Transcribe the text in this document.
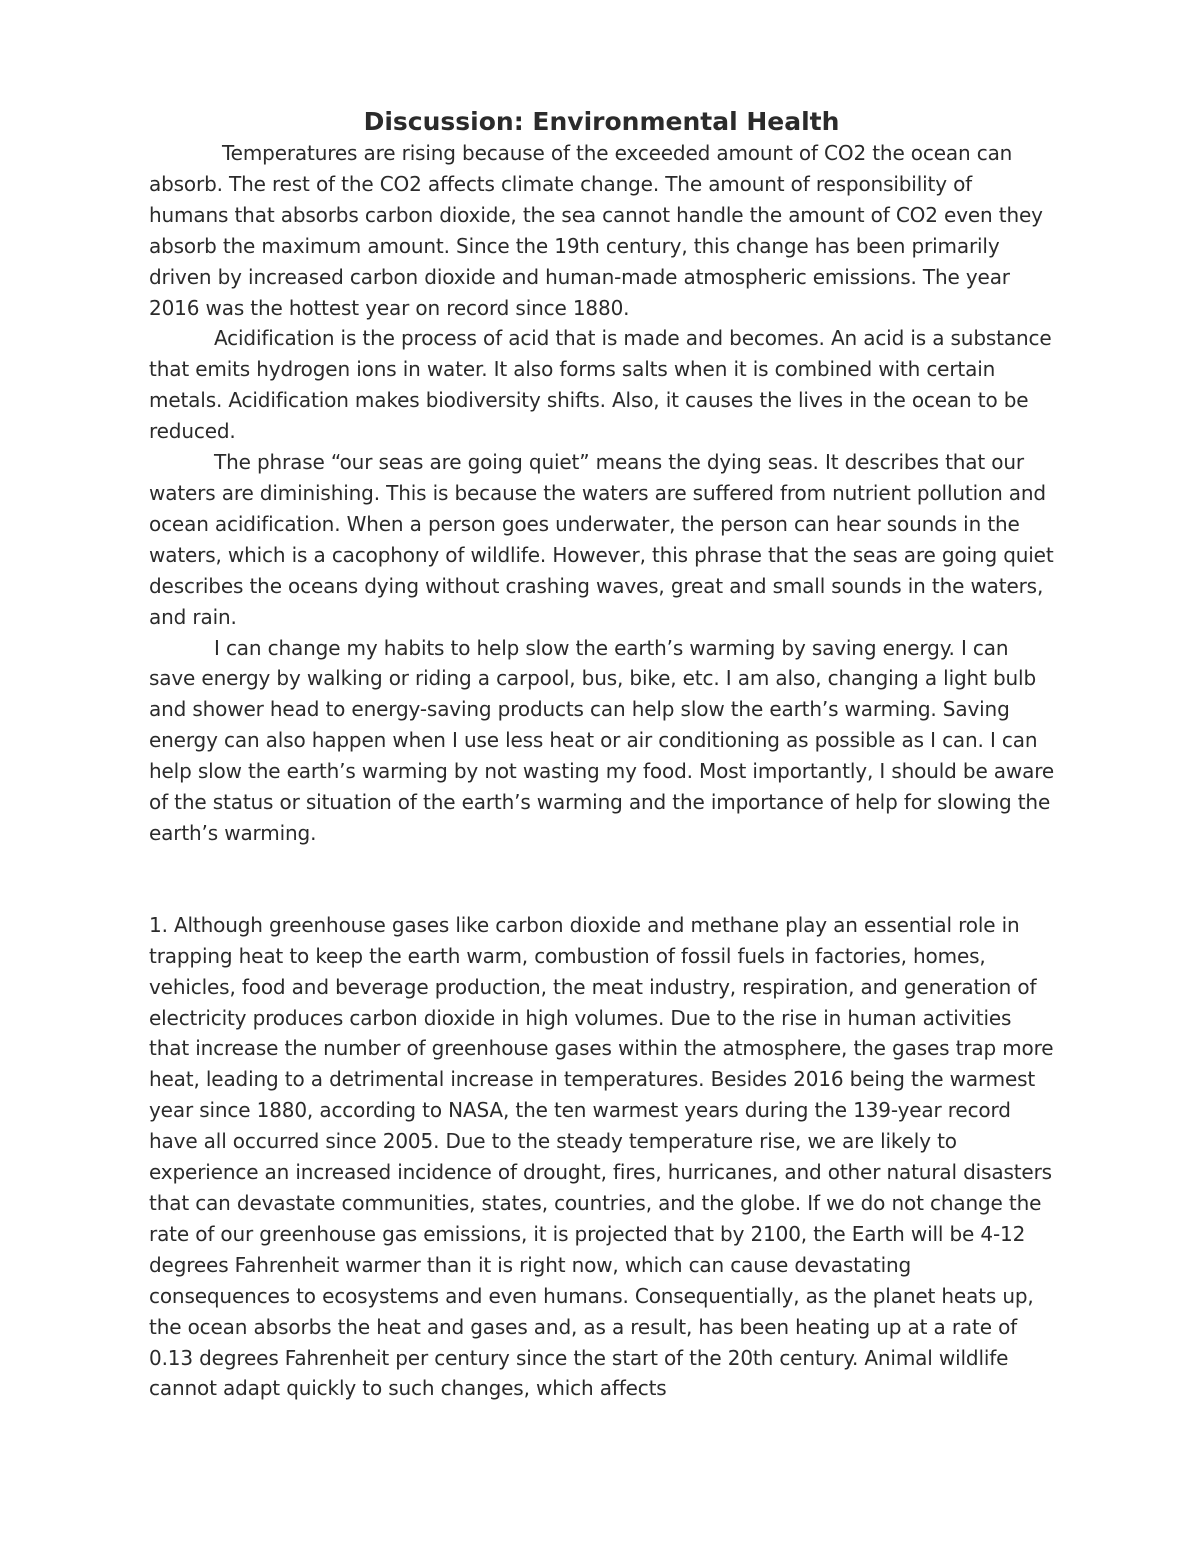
Discussion: Environmental Health

Temperatures are rising because of the exceeded amount of CO2 the ocean can absorb. The rest of the CO2 affects climate change. The amount of responsibility of humans that absorbs carbon dioxide, the sea cannot handle the amount of CO2 even they absorb the maximum amount. Since the 19th century, this change has been primarily driven by increased carbon dioxide and human-made atmospheric emissions. The year 2016 was the hottest year on record since 1880.

Acidification is the process of acid that is made and becomes. An acid is a substance that emits hydrogen ions in water. It also forms salts when it is combined with certain metals. Acidification makes biodiversity shifts. Also, it causes the lives in the ocean to be reduced.

The phrase “our seas are going quiet” means the dying seas. It describes that our waters are diminishing. This is because the waters are suffered from nutrient pollution and ocean acidification. When a person goes underwater, the person can hear sounds in the waters, which is a cacophony of wildlife. However, this phrase that the seas are going quiet describes the oceans dying without crashing waves, great and small sounds in the waters, and rain.

I can change my habits to help slow the earth’s warming by saving energy. I can save energy by walking or riding a carpool, bus, bike, etc. I am also, changing a light bulb and shower head to energy-saving products can help slow the earth’s warming. Saving energy can also happen when I use less heat or air conditioning as possible as I can. I can help slow the earth’s warming by not wasting my food. Most importantly, I should be aware of the status or situation of the earth’s warming and the importance of help for slowing the earth’s warming.

1. Although greenhouse gases like carbon dioxide and methane play an essential role in trapping heat to keep the earth warm, combustion of fossil fuels in factories, homes, vehicles, food and beverage production, the meat industry, respiration, and generation of electricity produces carbon dioxide in high volumes. Due to the rise in human activities that increase the number of greenhouse gases within the atmosphere, the gases trap more heat, leading to a detrimental increase in temperatures. Besides 2016 being the warmest year since 1880, according to NASA, the ten warmest years during the 139-year record have all occurred since 2005. Due to the steady temperature rise, we are likely to experience an increased incidence of drought, fires, hurricanes, and other natural disasters that can devastate communities, states, countries, and the globe. If we do not change the rate of our greenhouse gas emissions, it is projected that by 2100, the Earth will be 4-12 degrees Fahrenheit warmer than it is right now, which can cause devastating consequences to ecosystems and even humans. Consequentially, as the planet heats up, the ocean absorbs the heat and gases and, as a result, has been heating up at a rate of 0.13 degrees Fahrenheit per century since the start of the 20th century. Animal wildlife cannot adapt quickly to such changes, which affects
